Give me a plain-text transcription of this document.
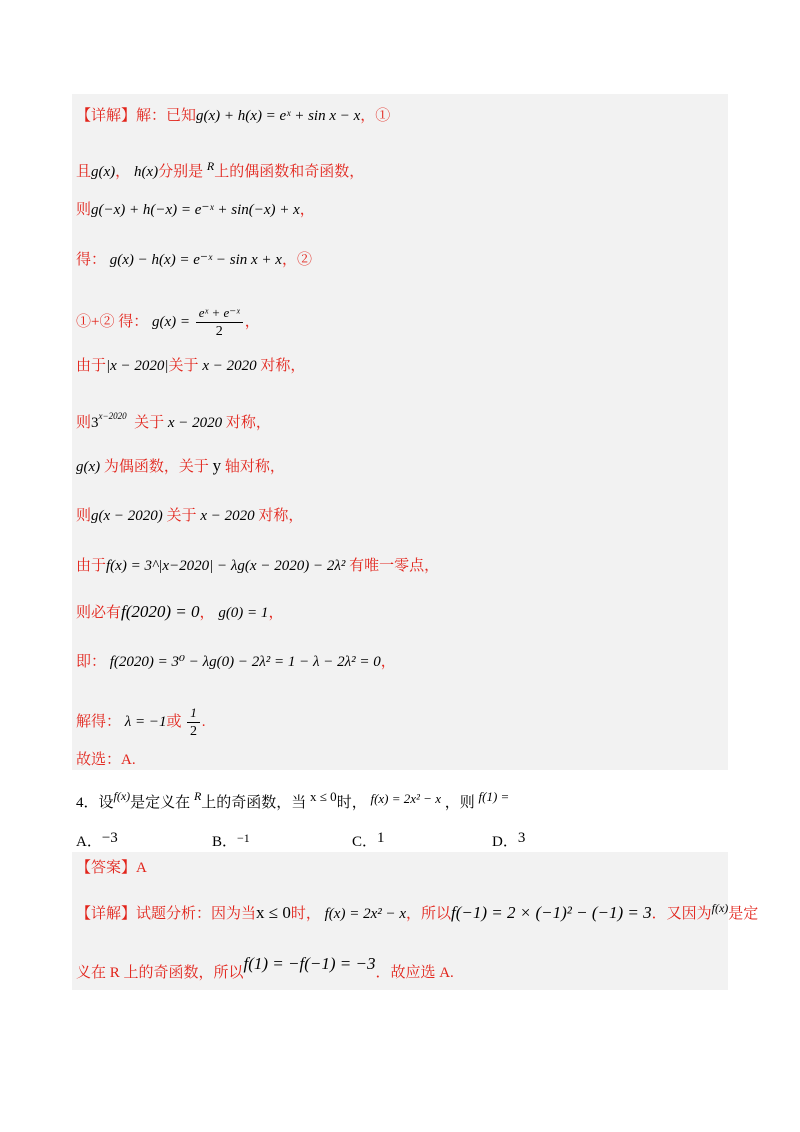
【详解】解：已知g(x) + h(x) = eˣ + sin x − x，①
且g(x)， h(x)分别是 $^R$上的偶函数和奇函数，
则g(−x) + h(−x) = e⁻ˣ + sin(−x) + x，
得： g(x) − h(x) = e⁻ˣ − sin x + x，②
①+② 得： $g(x) = \frac{\text{eˣ + e⁻ˣ}}{2}$ ，
由于|x − 2020|关于 x − 2020 对称，
则$3^{x-2020}$ 关于 x − 2020 对称，
g(x) 为偶函数，关于 y 轴对称，
则g(x − 2020) 关于 x − 2020 对称，
由于f(x) = 3^|x−2020| − λg(x − 2020) − 2λ² 有唯一零点，
则必有f(2020) = 0， g(0) = 1，
即： f(2020) = 3⁰ − λg(0) − 2λ² = 1 − λ − 2λ² = 0，
解得： λ = −1或 $\frac{1}{2}$ .
故选：A.
4．设$^{f(x)}$是定义在 $^R$上的奇函数，当 x ≤ 0时， f(x) = 2x² − x ，则 f(1) =
A．−3	B．$^{-1}$	C．1	D．3
【答案】A
【详解】试题分析：因为当x ≤ 0时， f(x) = 2x² − x，所以f(−1) = 2 × (−1)² − (−1) = 3．又因为$^{f(x)}$是定
义在 R 上的奇函数，所以f(1) = −f(−1) = −3．故应选 A.
